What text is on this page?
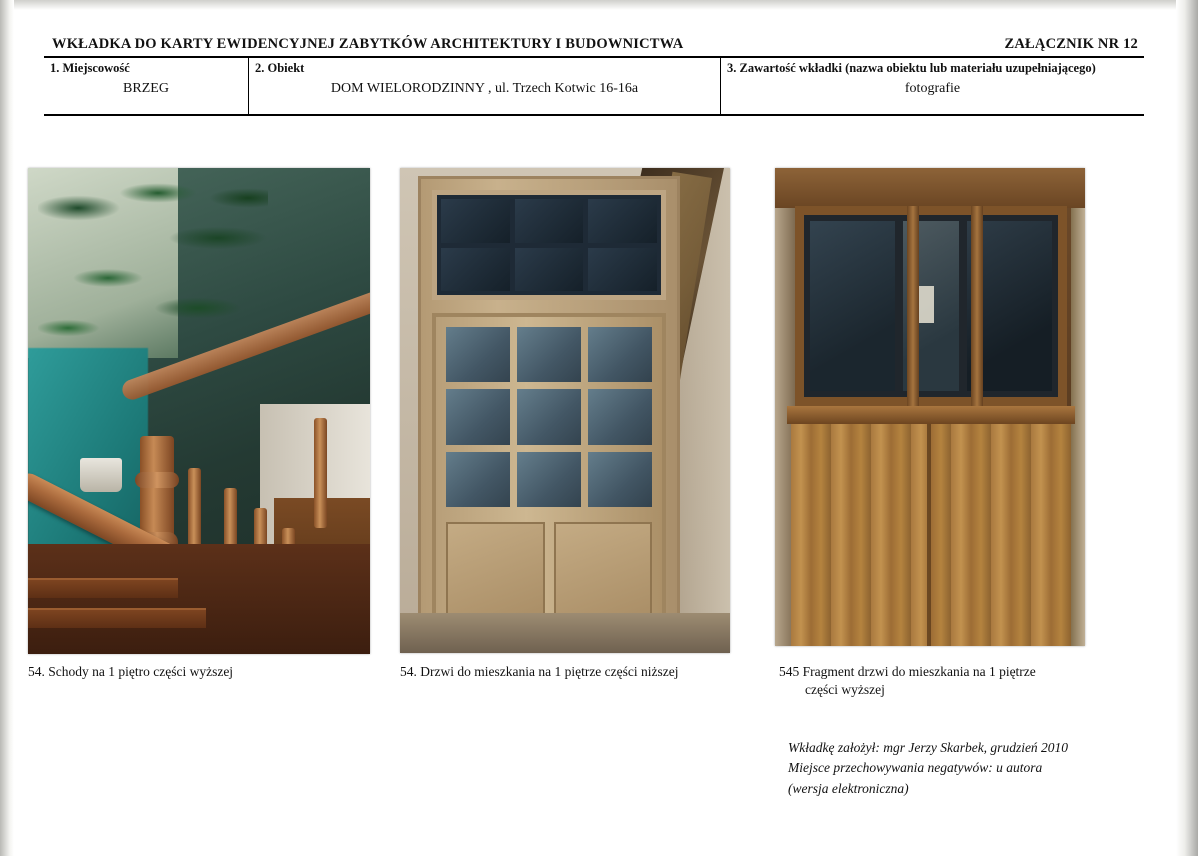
WKŁADKA DO KARTY EWIDENCYJNEJ ZABYTKÓW ARCHITEKTURY I BUDOWNICTWA	ZAŁĄCZNIK NR 12
1. Miejscowość
BRZEG
2. Obiekt
DOM WIELORODZINNY , ul. Trzech Kotwic 16-16a
3. Zawartość wkładki (nazwa obiektu lub materiału uzupełniającego)
fotografie
54. Schody na 1 piętro części wyższej	54. Drzwi do mieszkania na 1 piętrze części niższej	545 Fragment drzwi do mieszkania na 1 piętrze
części wyższej
Wkładkę założył: mgr Jerzy Skarbek, grudzień 2010
Miejsce przechowywania negatywów: u autora
(wersja elektroniczna)
